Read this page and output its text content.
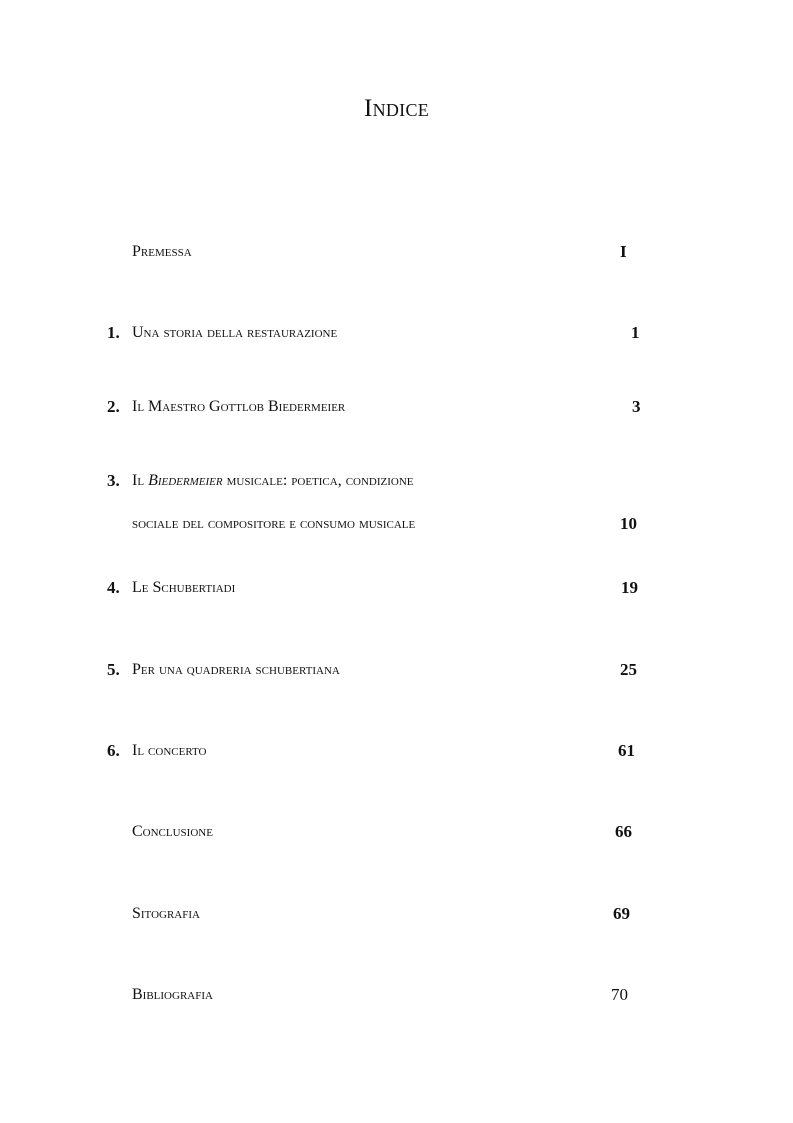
Indice
Premessa	I
1. Una storia della restaurazione	1
2. Il Maestro Gottlob Biedermeier	3
3. Il Biedermeier musicale: poetica, condizione
sociale del compositore e consumo musicale	10
4. Le Schubertiadi	19
5. Per una quadreria schubertiana	25
6. Il concerto	61
Conclusione	66
Sitografia	69
Bibliografia	70
